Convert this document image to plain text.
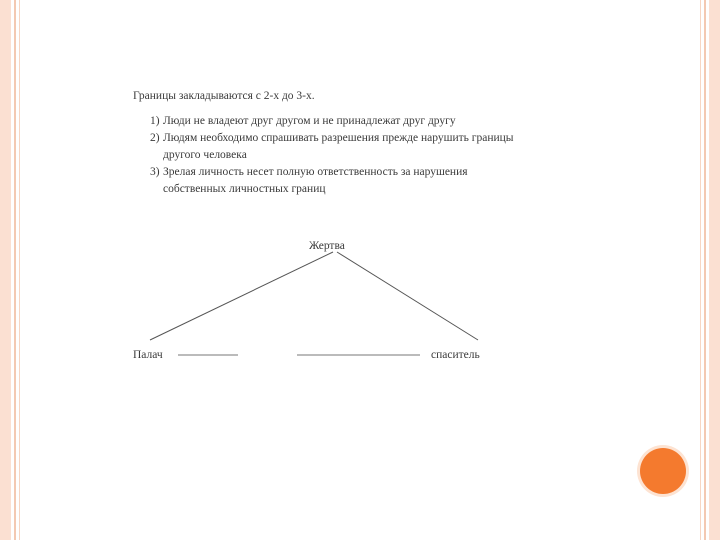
Границы закладываются с 2-х до 3-х.

1) Люди не владеют друг другом и не принадлежат друг другу
2) Людям необходимо спрашивать разрешения прежде нарушить границы
другого человека
3) Зрелая личность несет полную ответственность за нарушения
собственных личностных границ
Жертва
Палач	спаситель
